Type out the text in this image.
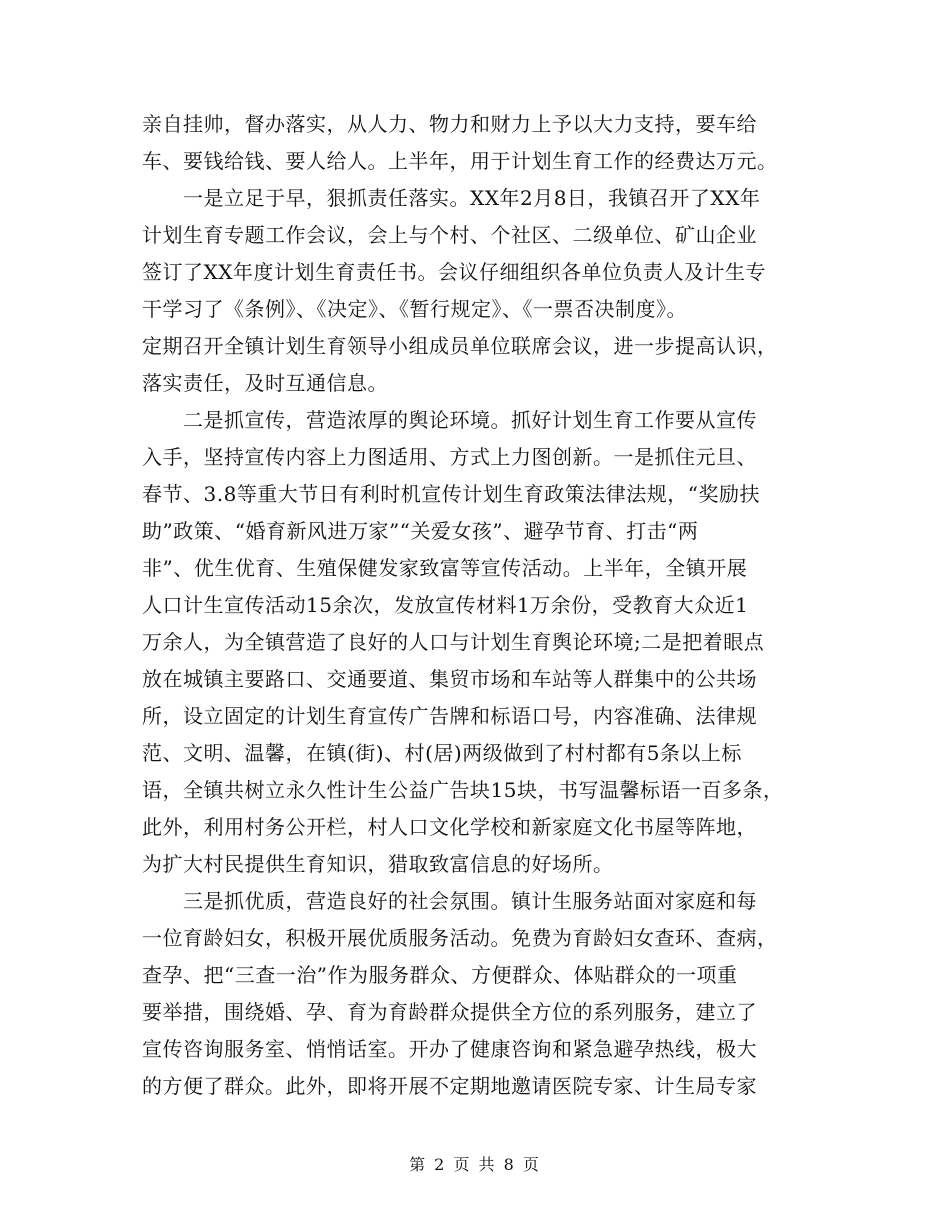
亲自挂帅，督办落实，从人力、物力和财力上予以大力支持，要车给
车、要钱给钱、要人给人。上半年，用于计划生育工作的经费达万元。
　　一是立足于早，狠抓责任落实。XX年2月8日，我镇召开了XX年
计划生育专题工作会议，会上与个村、个社区、二级单位、矿山企业
签订了XX年度计划生育责任书。会议仔细组织各单位负责人及计生专
干学习了《条例》、《决定》、《暂行规定》、《一票否决制度》。
定期召开全镇计划生育领导小组成员单位联席会议，进一步提高认识，
落实责任，及时互通信息。
　　二是抓宣传，营造浓厚的舆论环境。抓好计划生育工作要从宣传
入手，坚持宣传内容上力图适用、方式上力图创新。一是抓住元旦、
春节、3.8等重大节日有利时机宣传计划生育政策法律法规，“奖励扶
助”政策、“婚育新风进万家”“关爱女孩”、避孕节育、打击“两
非”、优生优育、生殖保健发家致富等宣传活动。上半年，全镇开展
人口计生宣传活动15余次，发放宣传材料1万余份，受教育大众近1
万余人，为全镇营造了良好的人口与计划生育舆论环境;二是把着眼点
放在城镇主要路口、交通要道、集贸市场和车站等人群集中的公共场
所，设立固定的计划生育宣传广告牌和标语口号，内容准确、法律规
范、文明、温馨，在镇(街)、村(居)两级做到了村村都有5条以上标
语，全镇共树立永久性计生公益广告块15块，书写温馨标语一百多条，
此外，利用村务公开栏，村人口文化学校和新家庭文化书屋等阵地，
为扩大村民提供生育知识，猎取致富信息的好场所。
　　三是抓优质，营造良好的社会氛围。镇计生服务站面对家庭和每
一位育龄妇女，积极开展优质服务活动。免费为育龄妇女查环、查病，
查孕、把“三查一治”作为服务群众、方便群众、体贴群众的一项重
要举措，围绕婚、孕、育为育龄群众提供全方位的系列服务，建立了
宣传咨询服务室、悄悄话室。开办了健康咨询和紧急避孕热线，极大
的方便了群众。此外，即将开展不定期地邀请医院专家、计生局专家
第 2 页 共 8 页
